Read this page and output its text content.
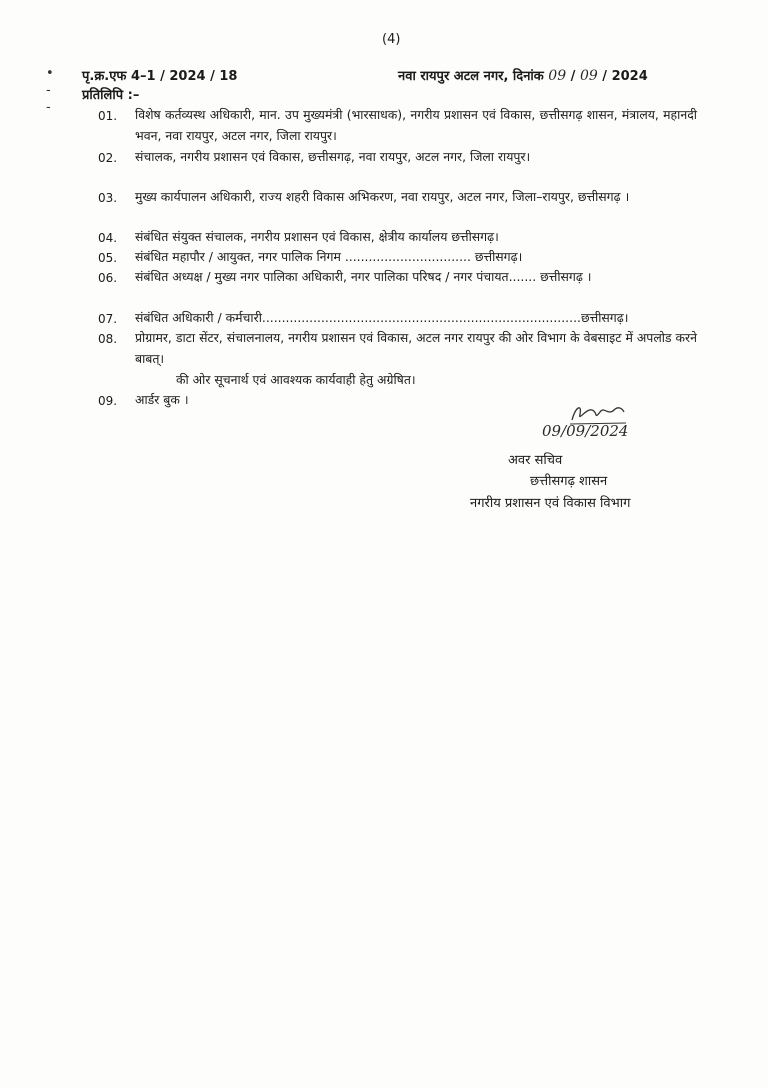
(4)
•
-
-
पृ.क्र.एफ 4–1 / 2024 / 18	नवा रायपुर अटल नगर, दिनांक 09 / 09 / 2024
प्रतिलिपि :–
01. विशेष कर्तव्यस्थ अधिकारी, मान. उप मुख्यमंत्री (भारसाधक), नगरीय प्रशासन एवं विकास, छत्तीसगढ़ शासन, मंत्रालय, महानदी भवन, नवा रायपुर, अटल नगर, जिला रायपुर।
02. संचालक, नगरीय प्रशासन एवं विकास, छत्तीसगढ़, नवा रायपुर, अटल नगर, जिला रायपुर।
03. मुख्य कार्यपालन अधिकारी, राज्य शहरी विकास अभिकरण, नवा रायपुर, अटल नगर, जिला–रायपुर, छत्तीसगढ़ ।
04. संबंधित संयुक्त संचालक, नगरीय प्रशासन एवं विकास, क्षेत्रीय कार्यालय छत्तीसगढ़।
05. संबंधित महापौर / आयुक्त, नगर पालिक निगम ................................ छत्तीसगढ़।
06. संबंधित अध्यक्ष / मुख्य नगर पालिका अधिकारी, नगर पालिका परिषद / नगर पंचायत....... छत्तीसगढ़ ।
07. संबंधित अधिकारी / कर्मचारी.................................................................................छत्तीसगढ़।
08. प्रोग्रामर, डाटा सेंटर, संचालनालय, नगरीय प्रशासन एवं विकास, अटल नगर रायपुर की ओर विभाग के वेबसाइट में अपलोड करने बाबत्।
09. आर्डर बुक ।
की ओर सूचनार्थ एवं आवश्यक कार्यवाही हेतु अग्रेषित।
09/09/2024
अवर सचिव
छत्तीसगढ़ शासन
नगरीय प्रशासन एवं विकास विभाग
